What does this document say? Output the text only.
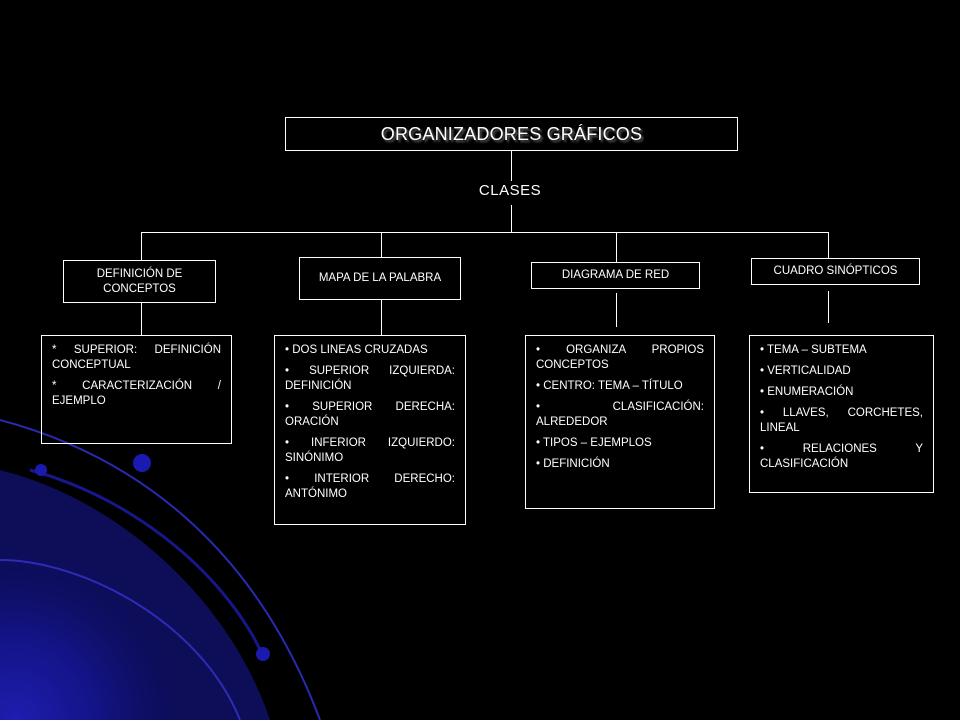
ORGANIZADORES GRÁFICOS
CLASES
DEFINICIÓN DE CONCEPTOS
MAPA DE LA PALABRA	DIAGRAMA DE RED	CUADRO SINÓPTICOS

* SUPERIOR: DEFINICIÓN CONCEPTUAL

* CARACTERIZACIÓN / EJEMPLO

• DOS LINEAS CRUZADAS

• SUPERIOR IZQUIERDA: DEFINICIÓN

• SUPERIOR DERECHA: ORACIÓN

• INFERIOR IZQUIERDO: SINÓNIMO

• INTERIOR DERECHO: ANTÓNIMO

• ORGANIZA PROPIOS CONCEPTOS

• CENTRO: TEMA – TÍTULO

• CLASIFICACIÓN: ALREDEDOR

• TIPOS – EJEMPLOS

• DEFINICIÓN

• TEMA – SUBTEMA

• VERTICALIDAD

• ENUMERACIÓN

• LLAVES, CORCHETES, LINEAL

• RELACIONES Y CLASIFICACIÓN
